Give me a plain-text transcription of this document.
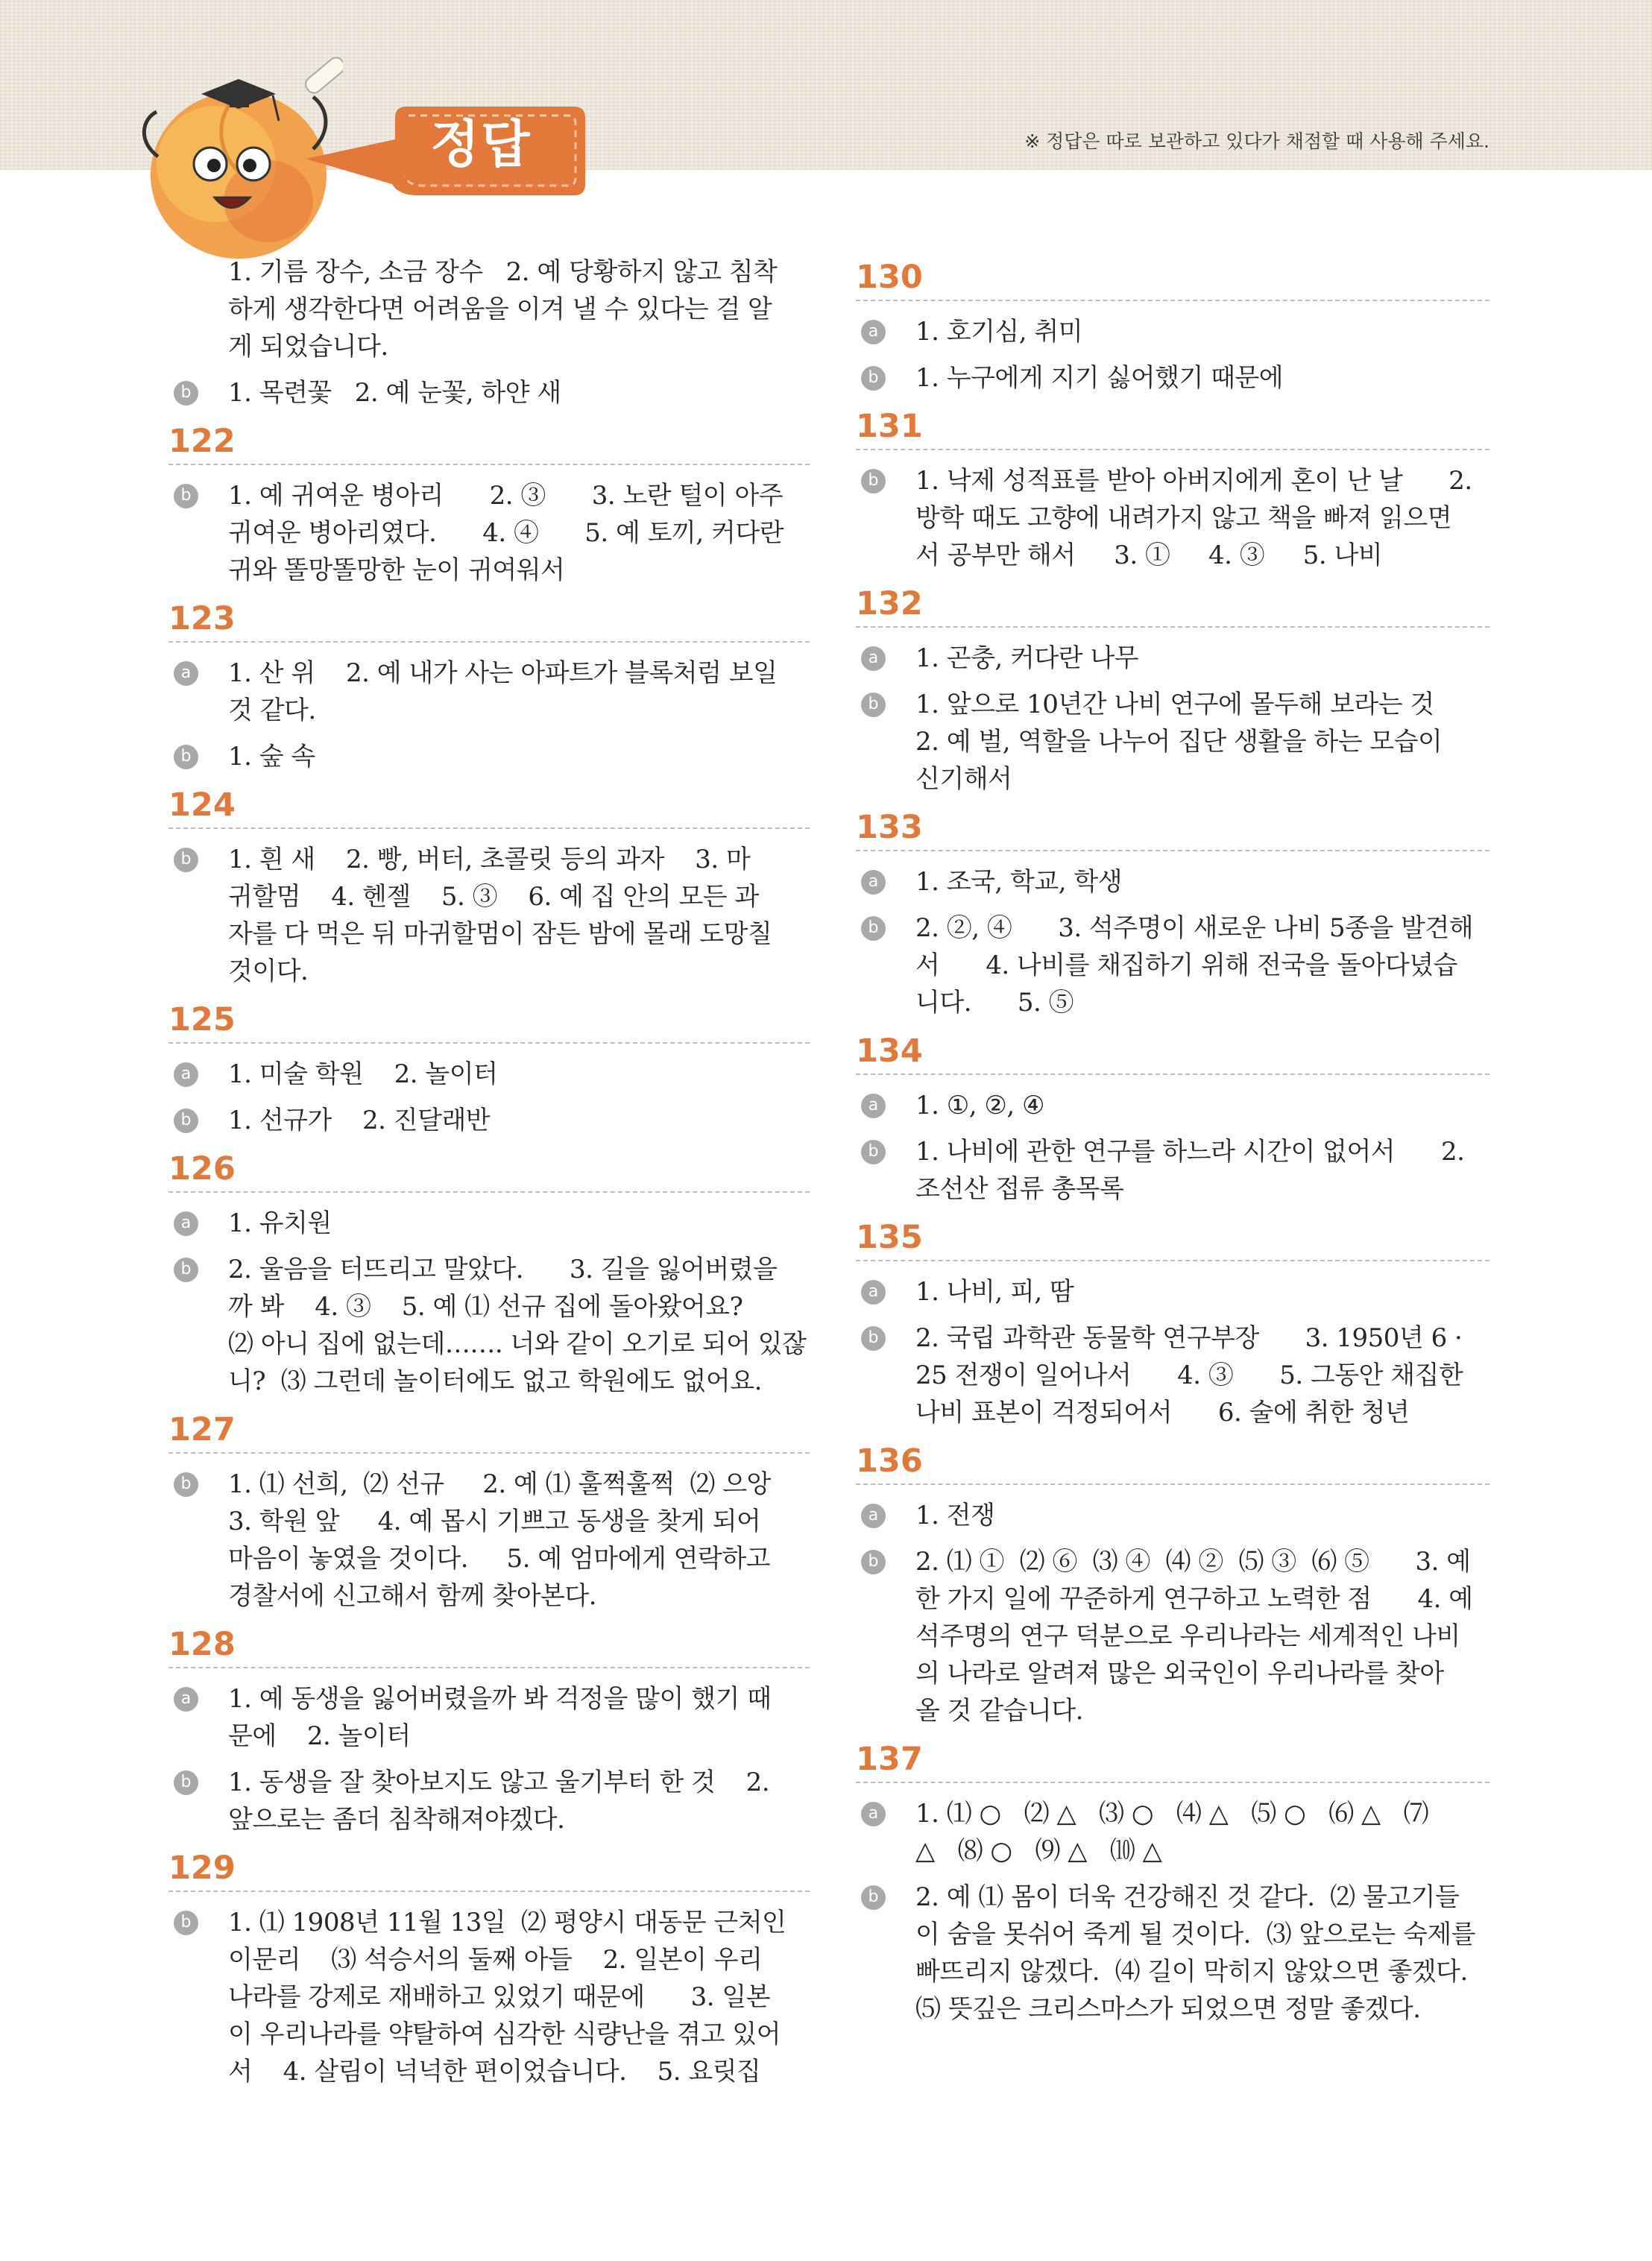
정답	※ 정답은 따로 보관하고 있다가 채점할 때 사용해 주세요.
1. 기름 장수, 소금 장수   2. 예 당황하지 않고 침착
하게 생각한다면 어려움을 이겨 낼 수 있다는 걸 알
게 되었습니다.
b 1. 목련꽃   2. 예 눈꽃, 하얀 새
122
b 1. 예 귀여운 병아리      2. ③      3. 노란 털이 아주
귀여운 병아리였다.      4. ④      5. 예 토끼, 커다란
귀와 똘망똘망한 눈이 귀여워서
123
a 1. 산 위    2. 예 내가 사는 아파트가 블록처럼 보일
것 같다.
b 1. 숲 속
124
b 1. 흰 새    2. 빵, 버터, 초콜릿 등의 과자    3. 마
귀할멈    4. 헨젤    5. ③    6. 예 집 안의 모든 과
자를 다 먹은 뒤 마귀할멈이 잠든 밤에 몰래 도망칠
것이다.
125
a 1. 미술 학원    2. 놀이터
b 1. 선규가    2. 진달래반
126
a 1. 유치원
b 2. 울음을 터뜨리고 말았다.      3. 길을 잃어버렸을
까 봐    4. ③    5. 예 ⑴ 선규 집에 돌아왔어요?
⑵ 아니 집에 없는데……. 너와 같이 오기로 되어 있잖
니?  ⑶ 그런데 놀이터에도 없고 학원에도 없어요.
127
b 1. ⑴ 선희,  ⑵ 선규     2. 예 ⑴ 훌쩍훌쩍  ⑵ 으앙
3. 학원 앞     4. 예 몹시 기쁘고 동생을 찾게 되어
마음이 놓였을 것이다.     5. 예 엄마에게 연락하고
경찰서에 신고해서 함께 찾아본다.
128
a 1. 예 동생을 잃어버렸을까 봐 걱정을 많이 했기 때
문에    2. 놀이터
b 1. 동생을 잘 찾아보지도 않고 울기부터 한 것    2.
앞으로는 좀더 침착해져야겠다.
129
b 1. ⑴ 1908년 11월 13일  ⑵ 평양시 대동문 근처인
이문리    ⑶ 석승서의 둘째 아들    2. 일본이 우리
나라를 강제로 재배하고 있었기 때문에      3. 일본
이 우리나라를 약탈하여 심각한 식량난을 겪고 있어
서    4. 살림이 넉넉한 편이었습니다.    5. 요릿집
130
a 1. 호기심, 취미
b 1. 누구에게 지기 싫어했기 때문에
131
b 1. 낙제 성적표를 받아 아버지에게 혼이 난 날      2.
방학 때도 고향에 내려가지 않고 책을 빠져 읽으면
서 공부만 해서     3. ①     4. ③     5. 나비
132
a 1. 곤충, 커다란 나무
b 1. 앞으로 10년간 나비 연구에 몰두해 보라는 것
2. 예 벌, 역할을 나누어 집단 생활을 하는 모습이
신기해서
133
a 1. 조국, 학교, 학생
b 2. ②, ④      3. 석주명이 새로운 나비 5종을 발견해
서      4. 나비를 채집하기 위해 전국을 돌아다녔습
니다.      5. ⑤
134
a 1. ①, ②, ④
b 1. 나비에 관한 연구를 하느라 시간이 없어서      2.
조선산 접류 총목록
135
a 1. 나비, 피, 땀
b 2. 국립 과학관 동물학 연구부장      3. 1950년 6 ·
25 전쟁이 일어나서      4. ③      5. 그동안 채집한
나비 표본이 걱정되어서      6. 술에 취한 청년
136
a 1. 전쟁
b 2. ⑴ ①  ⑵ ⑥  ⑶ ④  ⑷ ②  ⑸ ③  ⑹ ⑤      3. 예
한 가지 일에 꾸준하게 연구하고 노력한 점      4. 예
석주명의 연구 덕분으로 우리나라는 세계적인 나비
의 나라로 알려져 많은 외국인이 우리나라를 찾아
올 것 같습니다.
137
a 1. ⑴ ○   ⑵ △   ⑶ ○   ⑷ △   ⑸ ○   ⑹ △   ⑺
△   ⑻ ○   ⑼ △   ⑽ △
b 2. 예 ⑴ 몸이 더욱 건강해진 것 같다.  ⑵ 물고기들
이 숨을 못쉬어 죽게 될 것이다.  ⑶ 앞으로는 숙제를
빠뜨리지 않겠다.  ⑷ 길이 막히지 않았으면 좋겠다.
⑸ 뜻깊은 크리스마스가 되었으면 정말 좋겠다.
